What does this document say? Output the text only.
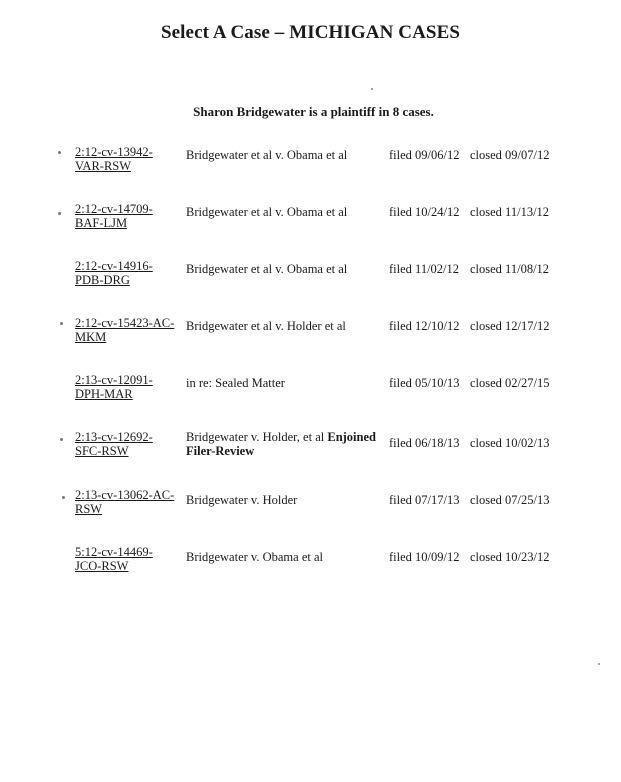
Select A Case – MICHIGAN CASES
Sharon Bridgewater is a plaintiff in 8 cases.
2:12-cv-13942-
VAR-RSW
Bridgewater et al v. Obama et al	filed 09/06/12 closed 09/07/12
2:12-cv-14709-
BAF-LJM
Bridgewater et al v. Obama et al	filed 10/24/12 closed 11/13/12
2:12-cv-14916-
PDB-DRG
Bridgewater et al v. Obama et al	filed 11/02/12 closed 11/08/12
2:12-cv-15423-AC-
MKM
Bridgewater et al v. Holder et al	filed 12/10/12 closed 12/17/12
2:13-cv-12091-
DPH-MAR
in re: Sealed Matter	filed 05/10/13 closed 02/27/15
2:13-cv-12692-
SFC-RSW
Bridgewater v. Holder, et al Enjoined
Filer-Review
filed 06/18/13 closed 10/02/13
2:13-cv-13062-AC-
RSW
Bridgewater v. Holder	filed 07/17/13 closed 07/25/13
5:12-cv-14469-
JCO-RSW
Bridgewater v. Obama et al	filed 10/09/12 closed 10/23/12
